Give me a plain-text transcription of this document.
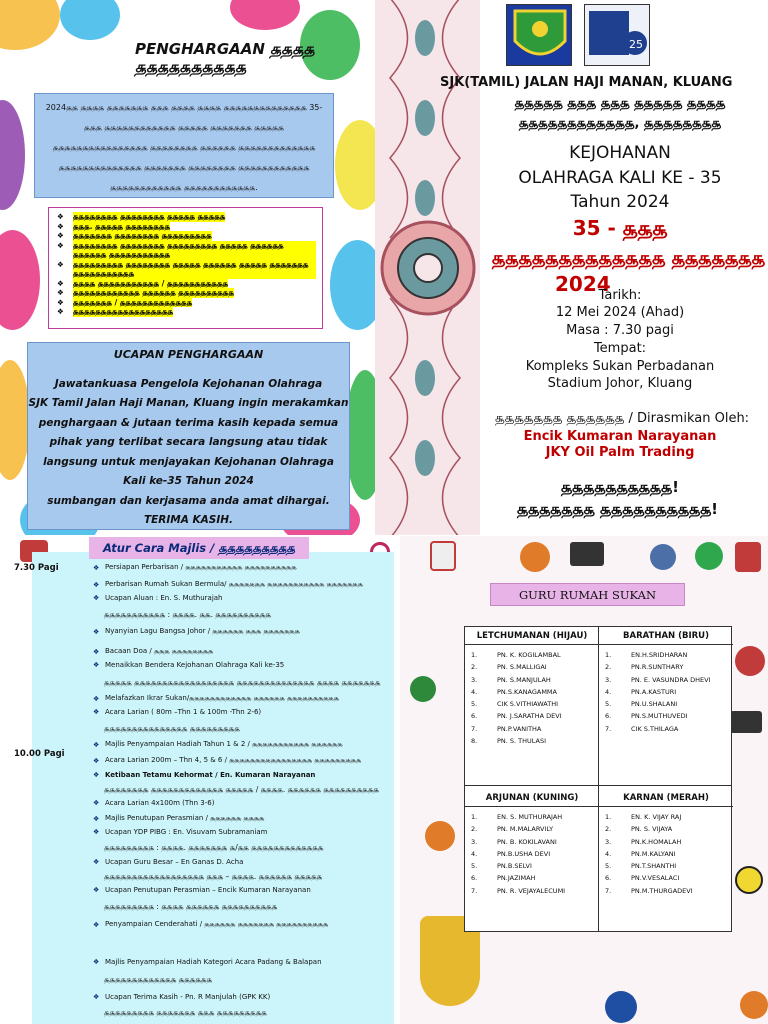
PENGHARGAAN ௲௲௲௲ ௲௲௲௲௲௲௲௲௲௲
2024௲௲ ௲௲௲௲ ௲௲௲௲௲௲௲ ௲௲௲ ௲௲௲௲ ௲௲௲௲ ௲௲௲௲௲௲௲௲௲௲௲௲௲௲ 35-௲௲௲ ௲௲௲௲௲௲௲௲௲௲௲௲ ௲௲௲௲௲ ௲௲௲௲௲௲௲ ௲௲௲௲௲ ௲௲௲௲௲௲௲௲௲௲௲௲௲௲௲௲ ௲௲௲௲௲௲௲௲ ௲௲௲௲௲௲ ௲௲௲௲௲௲௲௲௲௲௲௲௲ ௲௲௲௲௲௲௲௲௲௲௲௲௲௲ ௲௲௲௲௲௲௲ ௲௲௲௲௲௲௲௲ ௲௲௲௲௲௲௲௲௲௲௲௲ ௲௲௲௲௲௲௲௲௲௲௲௲ ௲௲௲௲௲௲௲௲௲௲௲௲.
❖	௲௲௲௲௲௲௲௲ ௲௲௲௲௲௲௲௲ ௲௲௲௲௲ ௲௲௲௲௲
❖	௲௲௲. ௲௲௲௲௲ ௲௲௲௲௲௲௲௲
❖	௲௲௲௲௲௲௲ ௲௲௲௲௲௲௲௲ ௲௲௲௲௲௲௲௲௲
❖	௲௲௲௲௲௲௲௲ ௲௲௲௲௲௲௲௲ ௲௲௲௲௲௲௲௲௲ ௲௲௲௲௲ ௲௲௲௲௲௲ ௲௲௲௲௲௲ ௲௲௲௲௲௲௲௲௲௲௲
❖	௲௲௲௲௲௲௲௲௲ ௲௲௲௲௲௲௲௲ ௲௲௲௲௲ ௲௲௲௲௲௲ ௲௲௲௲௲ ௲௲௲௲௲௲௲ ௲௲௲௲௲௲௲௲௲௲௲
❖	௲௲௲௲ ௲௲௲௲௲௲௲௲௲௲௲ / ௲௲௲௲௲௲௲௲௲௲௲
❖	௲௲௲௲௲௲௲௲௲௲௲௲ ௲௲௲௲௲௲ ௲௲௲௲௲௲௲௲௲௲
❖	௲௲௲௲௲௲௲ / ௲௲௲௲௲௲௲௲௲௲௲௲௲
❖	௲௲௲௲௲௲௲௲௲௲௲௲௲௲௲௲௲௲
UCAPAN PENGHARGAAN
Jawatankuasa Pengelola Kejohanan Olahraga
SJK Tamil Jalan Haji Manan, Kluang ingin merakamkan
penghargaan & jutaan terima kasih kepada semua
pihak yang terlibat secara langsung atau tidak
langsung untuk menjayakan Kejohanan Olahraga
Kali ke-35 Tahun 2024
sumbangan dan kerjasama anda amat dihargai.
TERIMA KASIH.
25
SJK(TAMIL) JALAN HAJI MANAN, KLUANG
௲௲௲௲௲ ௲௲௲ ௲௲௲ ௲௲௲௲௲ ௲௲௲௲
௲௲௲௲௲௲௲௲௲௲௲௲, ௲௲௲௲௲௲௲௲
KEJOHANAN
OLAHRAGA KALI KE - 35
Tahun 2024
35 - ௲௲௲
௲௲௲௲௲௲௲௲௲௲௲௲௲ ௲௲௲௲௲௲௲
2024
Tarikh:
12 Mei 2024 (Ahad)
Masa : 7.30 pagi
Tempat:
Kompleks Sukan Perbadanan
Stadium Johor, Kluang
௲௲௲௲௲௲௲ ௲௲௲௲௲௲ / Dirasmikan Oleh:
Encik Kumaran Narayanan
JKY Oil Palm Trading
௲௲௲௲௲௲௲௲௲௲!
௲௲௲௲௲௲௲ ௲௲௲௲௲௲௲௲௲௲!
Atur Cara Majlis / ௲௲௲௲௲௲௲௲௲
7.30 Pagi
10.00 Pagi
❖ Persiapan Perbarisan / ௲௲௲௲௲௲௲௲௲௲௲ ௲௲௲௲௲௲௲௲௲௲
❖ Perbarisan Rumah Sukan Bermula/ ௲௲௲௲௲௲௲ ௲௲௲௲௲௲௲௲௲௲௲ ௲௲௲௲௲௲௲
❖ Ucapan Aluan : En. S. Muthurajah
௲௲௲௲௲௲௲௲௲௲௲ : ௲௲௲௲. ௲௲. ௲௲௲௲௲௲௲௲௲௲
❖ Nyanyian Lagu Bangsa Johor / ௲௲௲௲௲௲ ௲௲௲ ௲௲௲௲௲௲௲
❖ Bacaan Doa / ௲௲௲ ௲௲௲௲௲௲௲௲
❖ Menaikkan Bendera Kejohanan Olahraga Kali ke-35
௲௲௲௲௲ ௲௲௲௲௲௲௲௲௲௲௲௲௲௲௲௲௲௲ ௲௲௲௲௲௲௲௲௲௲௲௲௲௲ ௲௲௲௲ ௲௲௲௲௲௲௲
❖ Melafazkan Ikrar Sukan/௲௲௲௲௲௲௲௲௲௲௲௲ ௲௲௲௲௲௲ ௲௲௲௲௲௲௲௲௲௲
❖ Acara Larian ( 80m –Thn 1 & 100m -Thn 2-6)
௲௲௲௲௲௲௲௲௲௲௲௲௲௲௲ ௲௲௲௲௲௲௲௲௲
❖ Majlis Penyampaian Hadiah Tahun 1 & 2 / ௲௲௲௲௲௲௲௲௲௲௲ ௲௲௲௲௲௲
❖ Acara Larian 200m – Thn 4, 5 & 6 / ௲௲௲௲௲௲௲௲௲௲௲௲௲௲௲௲ ௲௲௲௲௲௲௲௲௲
❖ Ketibaan Tetamu Kehormat / En. Kumaran Narayanan
௲௲௲௲௲௲௲௲ ௲௲௲௲௲௲௲௲௲௲௲௲௲ ௲௲௲௲௲ / ௲௲௲௲. ௲௲௲௲௲௲ ௲௲௲௲௲௲௲௲௲௲
❖ Acara Larian 4x100m (Thn 3-6)
❖ Majlis Penutupan Perasmian / ௲௲௲௲௲௲ ௲௲௲௲
❖ Ucapan YDP PIBG : En. Visuvam Subramaniam
௲௲௲௲௲௲௲௲௲ : ௲௲௲௲. ௲௲௲௲௲௲௲ ௲/௲௲ ௲௲௲௲௲௲௲௲௲௲௲௲௲
❖ Ucapan Guru Besar – En Ganas D. Acha
௲௲௲௲௲௲௲௲௲௲௲௲௲௲௲௲௲௲ ௲௲௲ – ௲௲௲௲. ௲௲௲௲௲௲ ௲௲௲௲௲
❖ Ucapan Penutupan Perasmian – Encik Kumaran Narayanan
௲௲௲௲௲௲௲௲௲ : ௲௲௲௲ ௲௲௲௲௲௲ ௲௲௲௲௲௲௲௲௲௲
❖ Penyampaian Cenderahati / ௲௲௲௲௲௲ ௲௲௲௲௲௲௲ ௲௲௲௲௲௲௲௲௲௲
❖ Majlis Penyampaian Hadiah Kategori Acara Padang & Balapan
௲௲௲௲௲௲௲௲௲௲௲௲௲ ௲௲௲௲௲௲
❖ Ucapan Terima Kasih - Pn. R Manjulah (GPK KK)
௲௲௲௲௲௲௲௲௲ ௲௲௲௲௲௲௲ ௲௲௲ ௲௲௲௲௲௲௲௲௲
GURU RUMAH SUKAN
LETCHUMANAN (HIJAU)
1.	PN. K. KOGILAMBAL
2.	PN. S.MALLIGAI
3.	PN. S.MANJULAH
4.	PN.S.KANAGAMMA
5.	CIK S.VITHIAWATHI
6.	PN. J.SARATHA DEVI
7.	PN.P.VANITHA
8.	PN. S. THULASI
BARATHAN (BIRU)
1.	EN.H.SRIDHARAN
2.	PN.R.SUNTHARY
3.	PN. E. VASUNDRA DHEVI
4.	PN.A.KASTURI
5.	PN.U.SHALANI
6.	PN.S.MUTHUVEDI
7.	CIK S.THILAGA
ARJUNAN (KUNING)
1.	EN. S. MUTHURAJAH
2.	PN. M.MALARVILY
3.	PN. B. KOKILAVANI
4.	PN.B.USHA DEVI
5.	PN.B.SELVI
6.	PN.JAZIMAH
7.	PN. R. VEJAYALECUMI
KARNAN (MERAH)
1.	EN. K. VIJAY RAJ
2.	PN. S. VIJAYA
3.	PN.K.HOMALAH
4.	PN.M.KALYANI
5.	PN.T.SHANTHI
6.	PN.V.VESALACI
7.	PN.M.THURGADEVI
